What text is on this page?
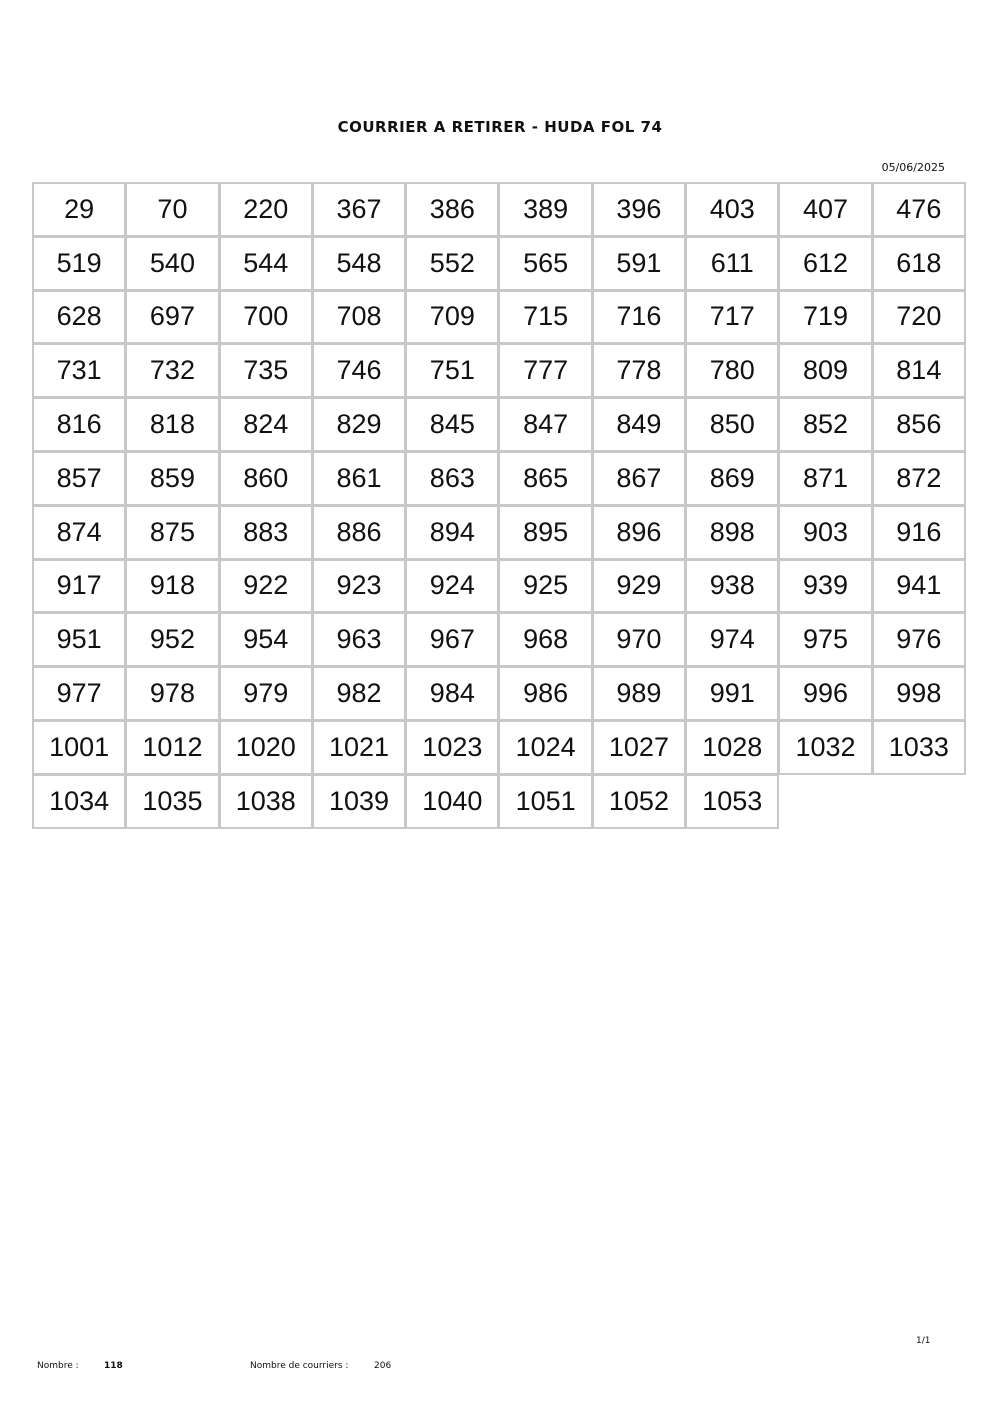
COURRIER A RETIRER - HUDA FOL 74
05/06/2025
29	70	220	367	386	389	396	403	407	476
519	540	544	548	552	565	591	611	612	618
628	697	700	708	709	715	716	717	719	720
731	732	735	746	751	777	778	780	809	814
816	818	824	829	845	847	849	850	852	856
857	859	860	861	863	865	867	869	871	872
874	875	883	886	894	895	896	898	903	916
917	918	922	923	924	925	929	938	939	941
951	952	954	963	967	968	970	974	975	976
977	978	979	982	984	986	989	991	996	998
1001	1012	1020	1021	1023	1024	1027	1028	1032	1033
1034	1035	1038	1039	1040	1051	1052	1053
1/1
Nombre :	118	Nombre de courriers :	206
